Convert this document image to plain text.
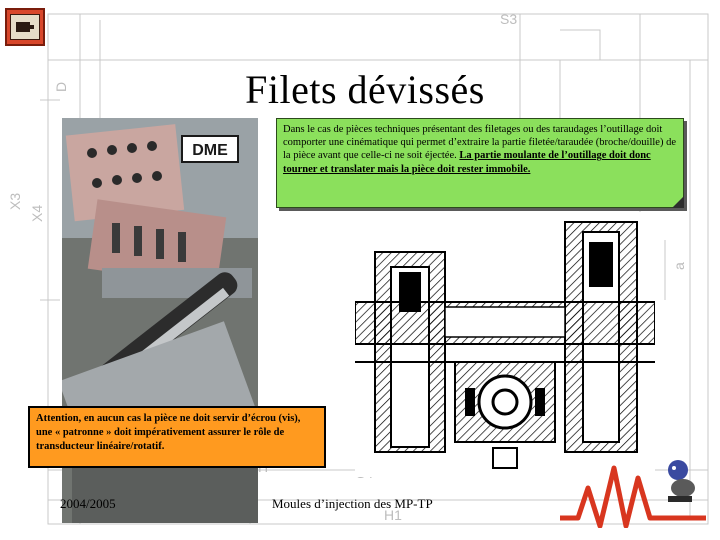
S3
D
X3
X4
a
H1
Filets dévissés
DME
Dans le cas de pièces techniques présentant des filetages ou des taraudages l’outillage doit comporter une cinématique qui permet d’extraire la partie filetée/taraudée (broche/douille) de la pièce avant que celle-ci ne soit éjectée. La partie moulante de l’outillage doit donc tourner et translater mais la pièce doit rester immobile.
Attention, en aucun cas la pièce ne doit servir d’écrou (vis), une « patronne » doit impérativement assurer le rôle de transducteur linéaire/rotatif.
2004/2005	Moules d’injection des MP-TP
